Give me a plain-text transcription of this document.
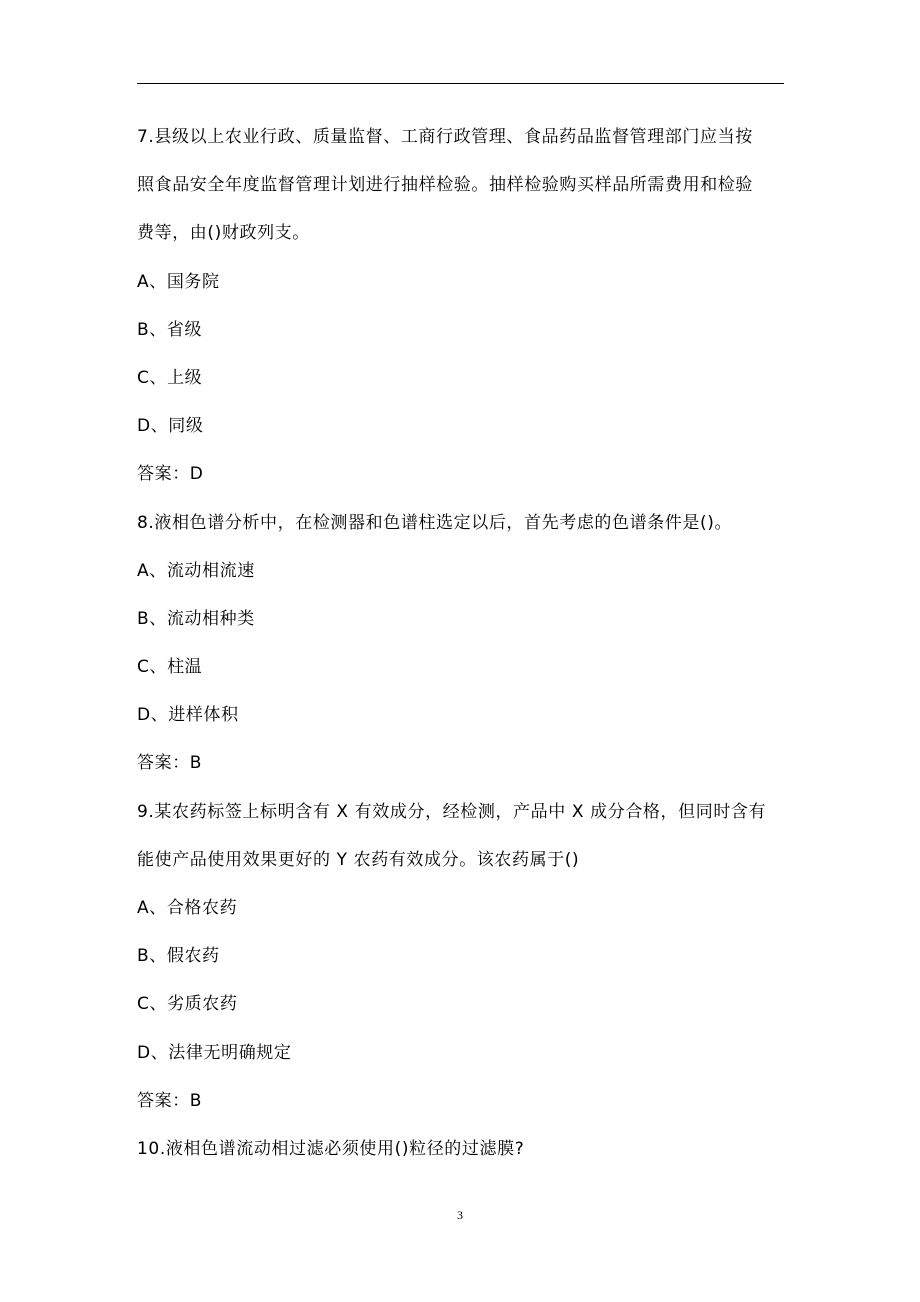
7.县级以上农业行政、质量监督、工商行政管理、食品药品监督管理部门应当按
照食品安全年度监督管理计划进行抽样检验。抽样检验购买样品所需费用和检验
费等，由()财政列支。
A、国务院
B、省级
C、上级
D、同级
答案：D
8.液相色谱分析中，在检测器和色谱柱选定以后，首先考虑的色谱条件是()。
A、流动相流速
B、流动相种类
C、柱温
D、进样体积
答案：B
9.某农药标签上标明含有 X 有效成分，经检测，产品中 X 成分合格，但同时含有
能使产品使用效果更好的 Y 农药有效成分。该农药属于()
A、合格农药
B、假农药
C、劣质农药
D、法律无明确规定
答案：B
10.液相色谱流动相过滤必须使用()粒径的过滤膜?
3
